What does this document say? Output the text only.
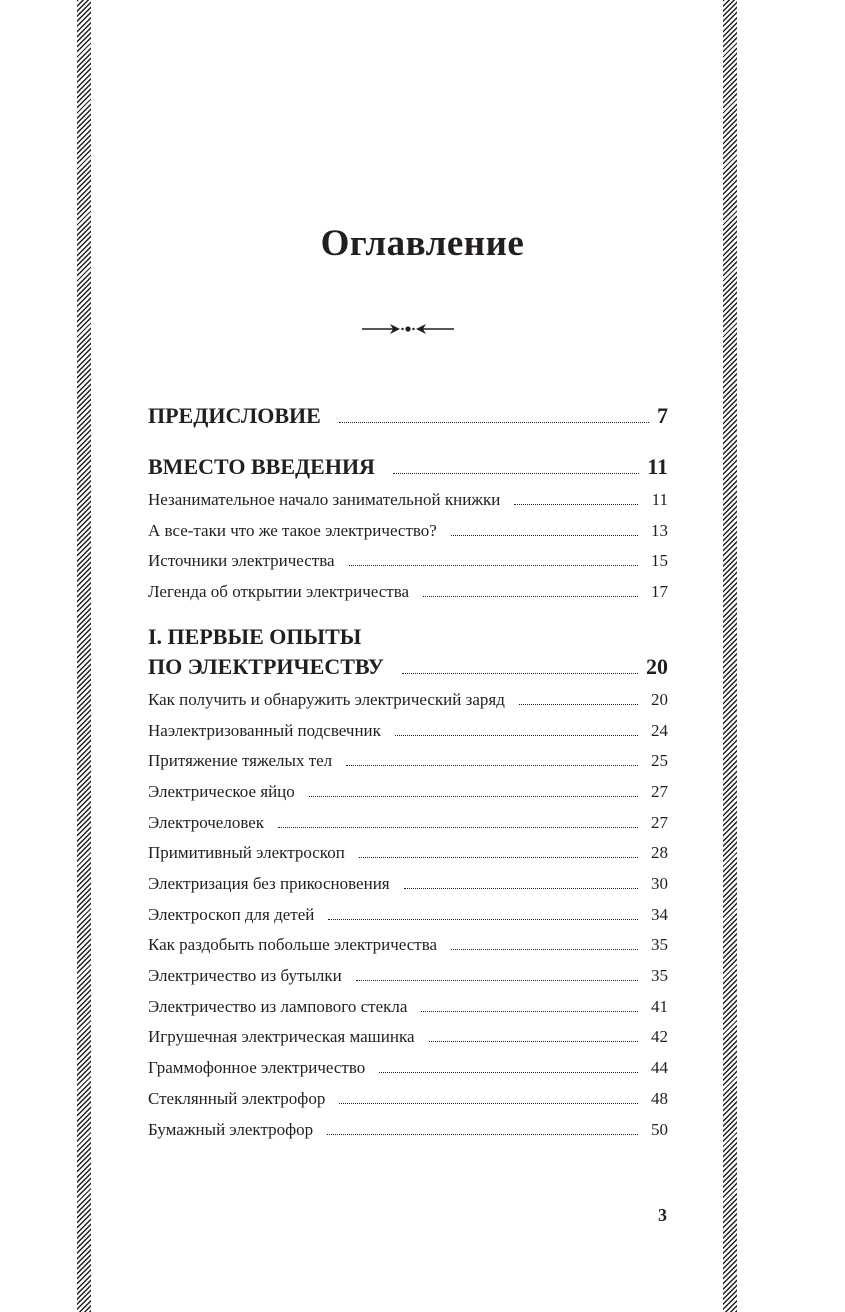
Оглавление
ПРЕДИСЛОВИЕ	7
ВМЕСТО ВВЕДЕНИЯ	11
Незанимательное начало занимательной книжки	11
А все-таки что же такое электричество?	13
Источники электричества	15
Легенда об открытии электричества	17
I. ПЕРВЫЕ ОПЫТЫ
ПО ЭЛЕКТРИЧЕСТВУ	20
Как получить и обнаружить электрический заряд	20
Наэлектризованный подсвечник	24
Притяжение тяжелых тел	25
Электрическое яйцо	27
Электрочеловек	27
Примитивный электроскоп	28
Электризация без прикосновения	30
Электроскоп для детей	34
Как раздобыть побольше электричества	35
Электричество из бутылки	35
Электричество из лампового стекла	41
Игрушечная электрическая машинка	42
Граммофонное электричество	44
Стеклянный электрофор	48
Бумажный электрофор	50
3
